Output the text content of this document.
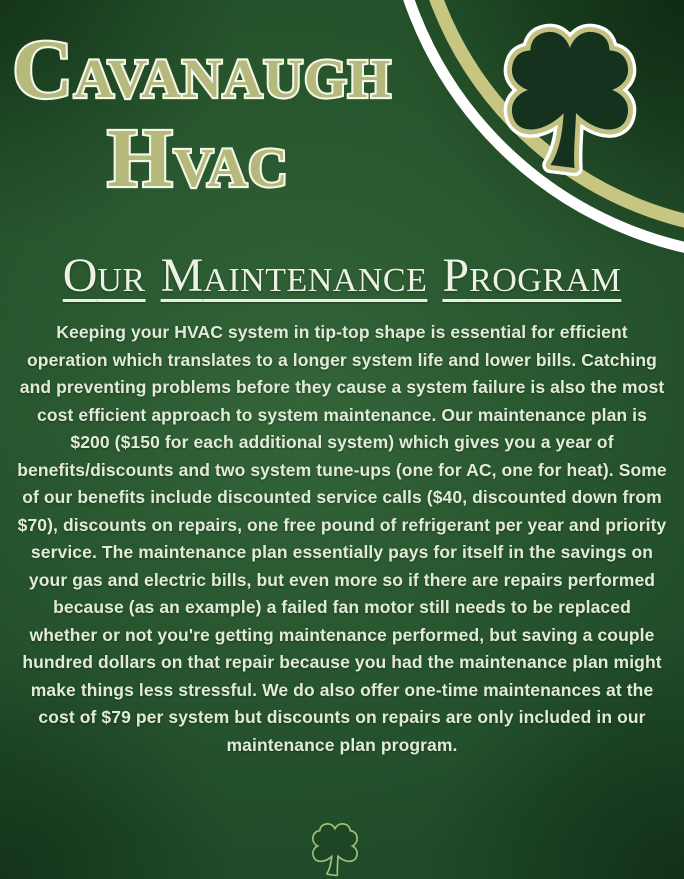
CAVANAUGH
HVAC
OUR MAINTENANCE PROGRAM

Keeping your HVAC system in tip-top shape is essential for efficient operation which translates to a longer system life and lower bills. Catching and preventing problems before they cause a system failure is also the most cost efficient approach to system maintenance. Our maintenance plan is $200 ($150 for each additional system) which gives you a year of benefits/discounts and two system tune-ups (one for AC, one for heat). Some of our benefits include discounted service calls ($40, discounted down from $70), discounts on repairs, one free pound of refrigerant per year and priority service. The maintenance plan essentially pays for itself in the savings on your gas and electric bills, but even more so if there are repairs performed because (as an example) a failed fan motor still needs to be replaced whether or not you're getting maintenance performed, but saving a couple hundred dollars on that repair because you had the maintenance plan might make things less stressful. We do also offer one-time maintenances at the cost of $79 per system but discounts on repairs are only included in our maintenance plan program.
